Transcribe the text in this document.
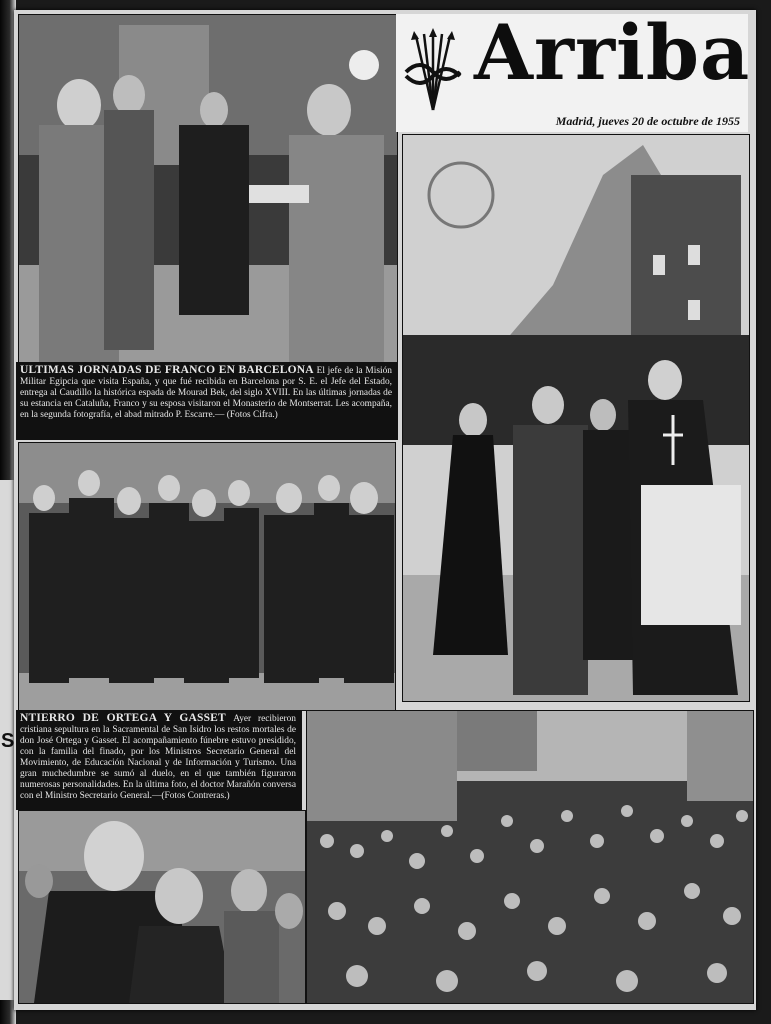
S
Arriba
Madrid, jueves 20 de octubre de 1955
ULTIMAS JORNADAS DE FRANCO EN BARCELONA El jefe de la Misión Militar Egipcia que visita España, y que fué recibida en Barcelona por S. E. el Jefe del Estado, entrega al Caudillo la histórica espada de Mourad Bek, del siglo XVIII. En las últimas jornadas de su estancia en Cataluña, Franco y su esposa visitaron el Monasterio de Montserrat. Les acompaña, en la segunda fotografía, el abad mitrado P. Escarre.— (Fotos Cifra.)
NTIERRO DE ORTEGA Y GASSET Ayer recibieron cristiana sepultura en la Sacramental de San Isidro los restos mortales de don José Ortega y Gasset. El acompañamiento fúnebre estuvo presidido, con la familia del finado, por los Ministros Secretario General del Movimiento, de Educación Nacional y de Información y Turismo. Una gran muchedumbre se sumó al duelo, en el que también figuraron numerosas personalidades. En la última foto, el doctor Marañón conversa con el Ministro Secretario General.—(Fotos Contreras.)
